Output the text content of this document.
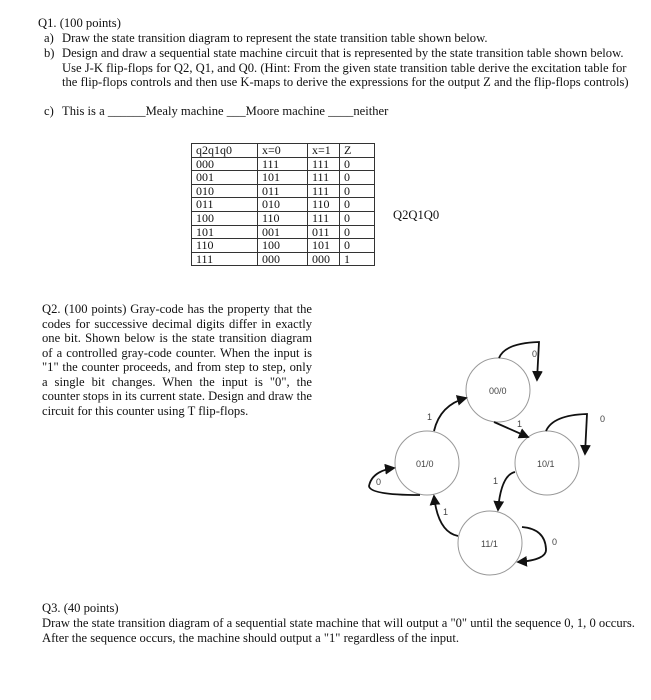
Q1. (100 points)
a) Draw the state transition diagram to represent the state transition table shown below.
b) Design and draw a sequential state machine circuit that is represented by the state transition table shown below. Use J-K flip-flops for Q2, Q1, and Q0. (Hint: From the given state transition table derive the excitation table for the flip-flops controls and then use K-maps to derive the expressions for the output Z and the flip-flops controls)
c) This is a ______Mealy machine ___Moore machine ____neither
q2q1q0	x=0	x=1	Z
000	111	111	0
001	101	111	0
010	011	111	0
011	010	110	0
100	110	111	0
101	001	011	0
110	100	101	0
111	000	000	1
Q2Q1Q0
Q2. (100 points) Gray-code has the property that the codes for successive decimal digits differ in exactly one bit. Shown below is the state transition diagram of a controlled gray-code counter. When the input is "1" the counter proceeds, and from step to step, only a single bit changes. When the input is "0", the counter stops in its current state. Design and draw the circuit for this counter using T flip-flops.
00/0
01/0	10/1
11/1
0
0
0
0
1
1
1
1
Q3. (40 points)
Draw the state transition diagram of a sequential state machine that will output a "0" until the sequence 0, 1, 0 occurs. After the sequence occurs, the machine should output a "1" regardless of the input.
